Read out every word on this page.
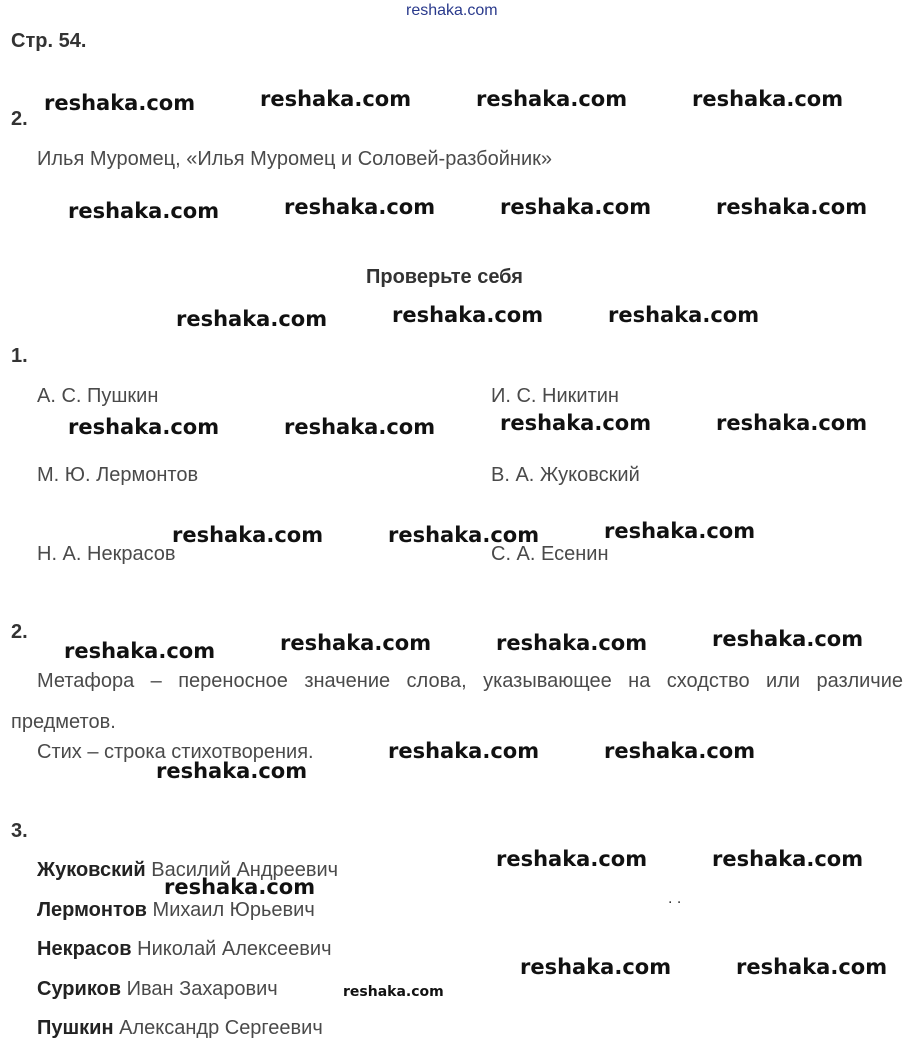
reshaka.com
Стр. 54.
2.
Илья Муромец, «Илья Муромец и Соловей-разбойник»
Проверьте себя
1.
А. С. Пушкин	И. С. Никитин
М. Ю. Лермонтов	В. А. Жуковский
Н. А. Некрасов	С. А. Есенин
2.
Метафора – переносное значение слова, указывающее на сходство или различие предметов.
Стих – строка стихотворения.
3.
Жуковский Василий Андреевич
Лермонтов Михаил Юрьевич
Некрасов Николай Алексеевич
Суриков Иван Захарович
Пушкин Александр Сергеевич
. .
reshaka.com	reshaka.com	reshaka.com	reshaka.com
reshaka.com	reshaka.com	reshaka.com	reshaka.com
reshaka.com	reshaka.com	reshaka.com
reshaka.com	reshaka.com	reshaka.com	reshaka.com
reshaka.com	reshaka.com	reshaka.com
reshaka.com	reshaka.com	reshaka.com	reshaka.com
reshaka.com	reshaka.com
reshaka.com
reshaka.com	reshaka.com
reshaka.com
reshaka.com	reshaka.com
reshaka.com
